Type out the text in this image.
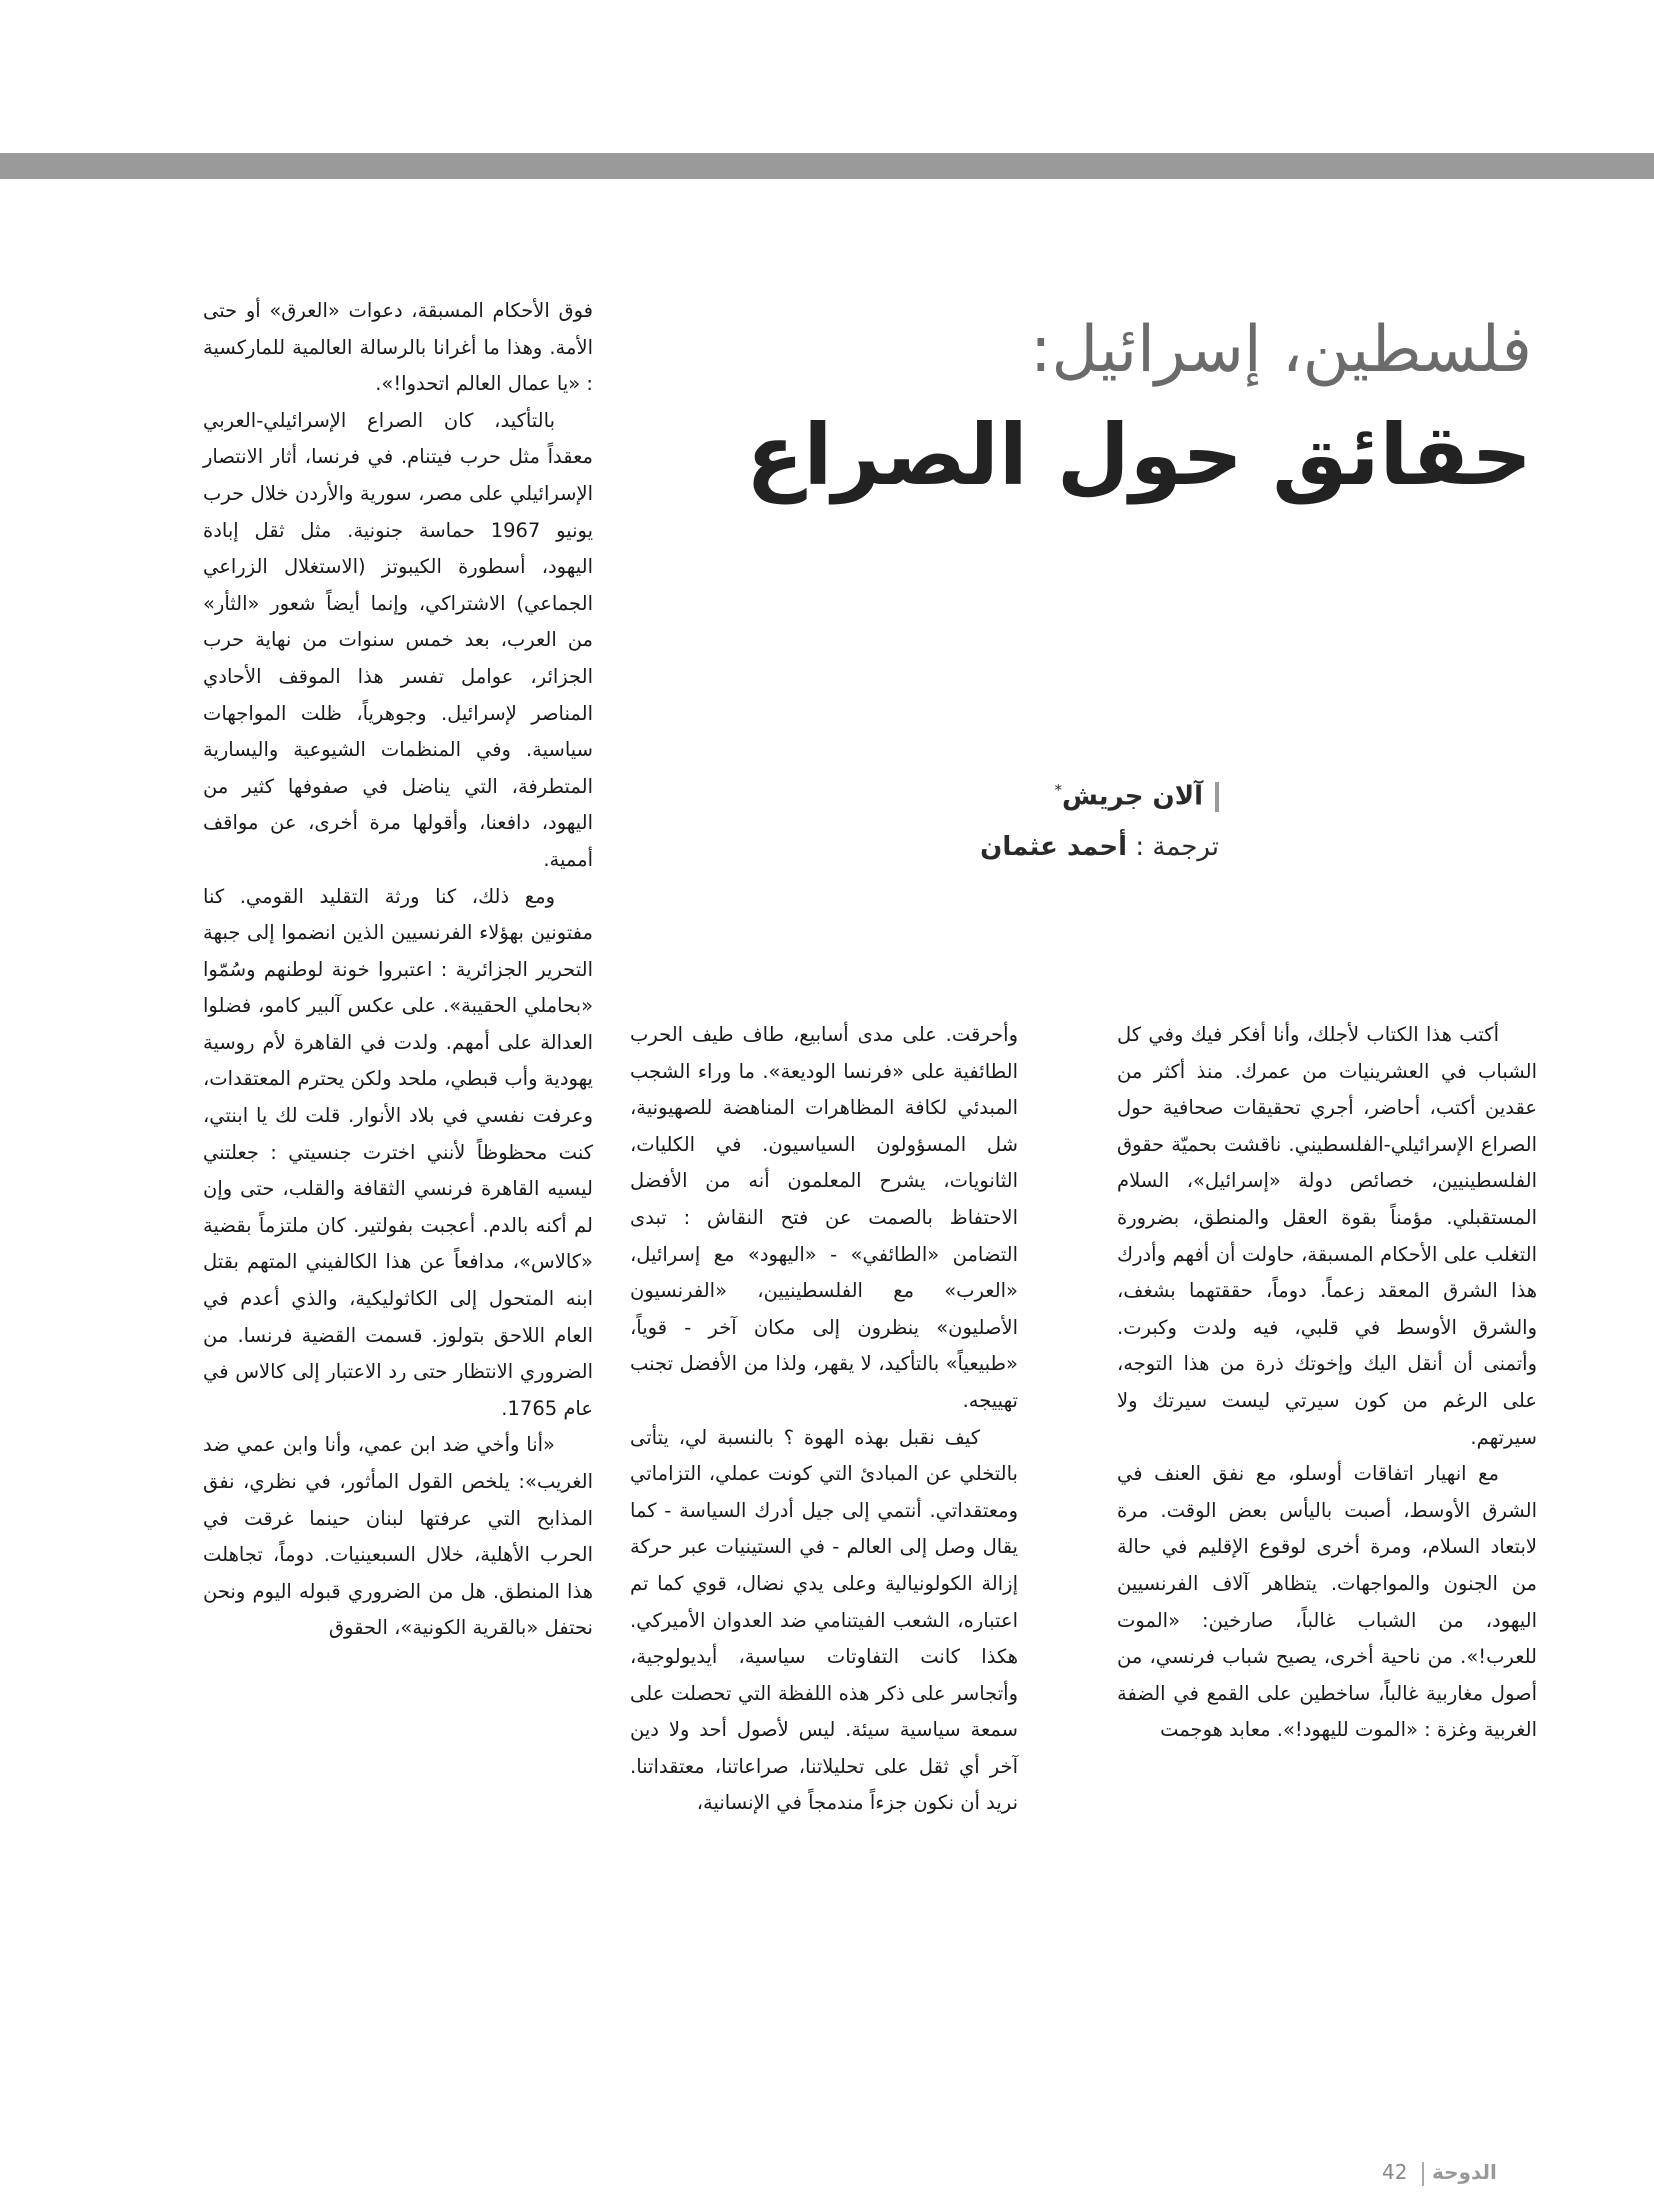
فلسطين، إسرائيل:
حقائق حول الصراع
آلان جريش*
ترجمة : أحمد عثمان

أكتب هذا الكتاب لأجلك، وأنا أفكر فيك وفي كل الشباب في العشرينيات من عمرك. منذ أكثر من عقدين أكتب، أحاضر، أجري تحقيقات صحافية حول الصراع الإسرائيلي-الفلسطيني. ناقشت بحميّة حقوق الفلسطينيين، خصائص دولة «إسرائيل»، السلام المستقبلي. مؤمناً بقوة العقل والمنطق، بضرورة التغلب على الأحكام المسبقة، حاولت أن أفهم وأدرك هذا الشرق المعقد زعماً. دوماً، حققتهما بشغف، والشرق الأوسط في قلبي، فيه ولدت وكبرت. وأتمنى أن أنقل اليك وإخوتك ذرة من هذا التوجه، على الرغم من كون سيرتي ليست سيرتك ولا سيرتهم.

مع انهيار اتفاقات أوسلو، مع نفق العنف في الشرق الأوسط، أصبت باليأس بعض الوقت. مرة لابتعاد السلام، ومرة أخرى لوقوع الإقليم في حالة من الجنون والمواجهات. يتظاهر آلاف الفرنسيين اليهود، من الشباب غالباً، صارخين: «الموت للعرب!». من ناحية أخرى، يصيح شباب فرنسي، من أصول مغاربية غالباً، ساخطين على القمع في الضفة الغربية وغزة : «الموت لليهود!». معابد هوجمت

وأحرقت. على مدى أسابيع، طاف طيف الحرب الطائفية على «فرنسا الوديعة». ما وراء الشجب المبدئي لكافة المظاهرات المناهضة للصهيونية، شل المسؤولون السياسيون. في الكليات، الثانويات، يشرح المعلمون أنه من الأفضل الاحتفاظ بالصمت عن فتح النقاش : تبدى التضامن «الطائفي» - «اليهود» مع إسرائيل، «العرب» مع الفلسطينيين، «الفرنسيون الأصليون» ينظرون إلى مكان آخر - قوياً، «طبيعياً» بالتأكيد، لا يقهر، ولذا من الأفضل تجنب تهييجه.

كيف نقبل بهذه الهوة ؟ بالنسبة لي، يتأتى بالتخلي عن المبادئ التي كونت عملي، التزاماتي ومعتقداتي. أنتمي إلى جيل أدرك السياسة - كما يقال وصل إلى العالم - في الستينيات عبر حركة إزالة الكولونيالية وعلى يدي نضال، قوي كما تم اعتباره، الشعب الفيتنامي ضد العدوان الأميركي. هكذا كانت التفاوتات سياسية، أيديولوجية، وأتجاسر على ذكر هذه اللفظة التي تحصلت على سمعة سياسية سيئة. ليس لأصول أحد ولا دين آخر أي ثقل على تحليلاتنا، صراعاتنا، معتقداتنا. نريد أن نكون جزءاً مندمجاً في الإنسانية،

فوق الأحكام المسبقة، دعوات «العرق» أو حتى الأمة. وهذا ما أغرانا بالرسالة العالمية للماركسية : «يا عمال العالم اتحدوا!».

بالتأكيد، كان الصراع الإسرائيلي-العربي معقداً مثل حرب فيتنام. في فرنسا، أثار الانتصار الإسرائيلي على مصر، سورية والأردن خلال حرب يونيو 1967 حماسة جنونية. مثل ثقل إبادة اليهود، أسطورة الكيبوتز (الاستغلال الزراعي الجماعي) الاشتراكي، وإنما أيضاً شعور «الثأر» من العرب، بعد خمس سنوات من نهاية حرب الجزائر، عوامل تفسر هذا الموقف الأحادي المناصر لإسرائيل. وجوهرياً، ظلت المواجهات سياسية. وفي المنظمات الشيوعية واليسارية المتطرفة، التي يناضل في صفوفها كثير من اليهود، دافعنا، وأقولها مرة أخرى، عن مواقف أممية.

ومع ذلك، كنا ورثة التقليد القومي. كنا مفتونين بهؤلاء الفرنسيين الذين انضموا إلى جبهة التحرير الجزائرية : اعتبروا خونة لوطنهم وسُمّوا «بحاملي الحقيبة». على عكس آلبير كامو، فضلوا العدالة على أمهم. ولدت في القاهرة لأم روسية يهودية وأب قبطي، ملحد ولكن يحترم المعتقدات، وعرفت نفسي في بلاد الأنوار. قلت لك يا ابنتي، كنت محظوظاً لأنني اخترت جنسيتي : جعلتني ليسيه القاهرة فرنسي الثقافة والقلب، حتى وإن لم أكنه بالدم. أعجبت بفولتير. كان ملتزماً بقضية «كالاس»، مدافعاً عن هذا الكالفيني المتهم بقتل ابنه المتحول إلى الكاثوليكية، والذي أعدم في العام اللاحق بتولوز. قسمت القضية فرنسا. من الضروري الانتظار حتى رد الاعتبار إلى كالاس في عام 1765.

«أنا وأخي ضد ابن عمي، وأنا وابن عمي ضد الغريب»: يلخص القول المأثور، في نظري، نفق المذابح التي عرفتها لبنان حينما غرقت في الحرب الأهلية، خلال السبعينيات. دوماً، تجاهلت هذا المنطق. هل من الضروري قبوله اليوم ونحن نحتفل «بالقرية الكونية»، الحقوق

42 الدوحة
